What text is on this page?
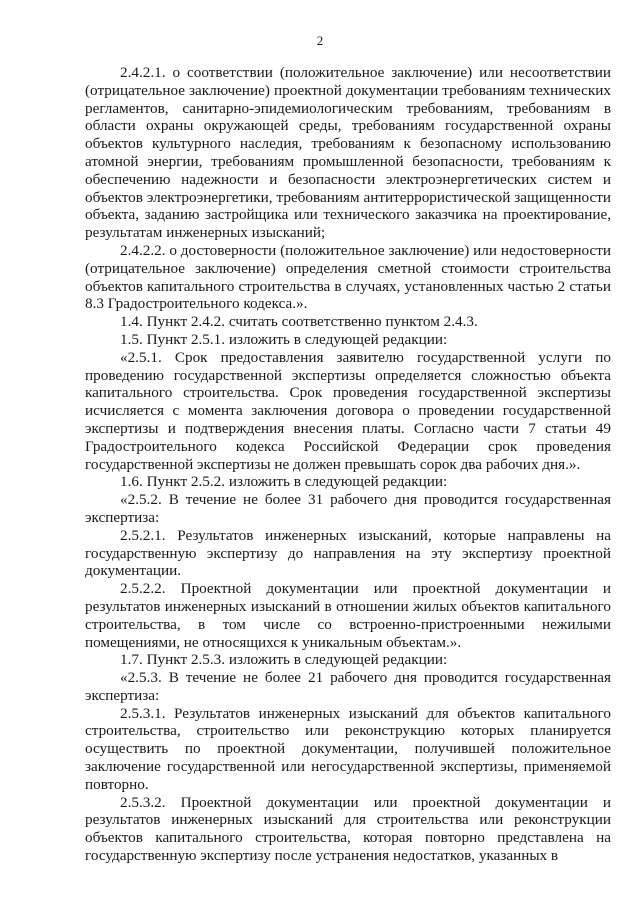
2

2.4.2.1. о соответствии (положительное заключение) или несоответствии (отрицательное заключение) проектной документации требованиям технических регламентов, санитарно-эпидемиологическим требованиям, требованиям в области охраны окружающей среды, требованиям государственной охраны объектов культурного наследия, требованиям к безопасному использованию атомной энергии, требованиям промышленной безопасности, требованиям к обеспечению надежности и безопасности электроэнергетических систем и объектов электроэнергетики, требованиям антитеррористической защищенности объекта, заданию застройщика или технического заказчика на проектирование, результатам инженерных изысканий;

2.4.2.2. о достоверности (положительное заключение) или недостоверности (отрицательное заключение) определения сметной стоимости строительства объектов капитального строительства в случаях, установленных частью 2 статьи 8.3 Градостроительного кодекса.».

1.4. Пункт 2.4.2. считать соответственно пунктом 2.4.3.

1.5. Пункт 2.5.1. изложить в следующей редакции:

«2.5.1. Срок предоставления заявителю государственной услуги по проведению государственной экспертизы определяется сложностью объекта капитального строительства. Срок проведения государственной экспертизы исчисляется с момента заключения договора о проведении государственной экспертизы и подтверждения внесения платы. Согласно части 7 статьи 49 Градостроительного кодекса Российской Федерации срок проведения государственной экспертизы не должен превышать сорок два рабочих дня.».

1.6. Пункт 2.5.2. изложить в следующей редакции:

«2.5.2. В течение не более 31 рабочего дня проводится государственная экспертиза:

2.5.2.1. Результатов инженерных изысканий, которые направлены на государственную экспертизу до направления на эту экспертизу проектной документации.

2.5.2.2. Проектной документации или проектной документации и результатов инженерных изысканий в отношении жилых объектов капитального строительства, в том числе со встроенно-пристроенными нежилыми помещениями, не относящихся к уникальным объектам.».

1.7. Пункт 2.5.3. изложить в следующей редакции:

«2.5.3. В течение не более 21 рабочего дня проводится государственная экспертиза:

2.5.3.1. Результатов инженерных изысканий для объектов капитального строительства, строительство или реконструкцию которых планируется осуществить по проектной документации, получившей положительное заключение государственной или негосударственной экспертизы, применяемой повторно.

2.5.3.2. Проектной документации или проектной документации и результатов инженерных изысканий для строительства или реконструкции объектов капитального строительства, которая повторно представлена на государственную экспертизу после устранения недостатков, указанных в
